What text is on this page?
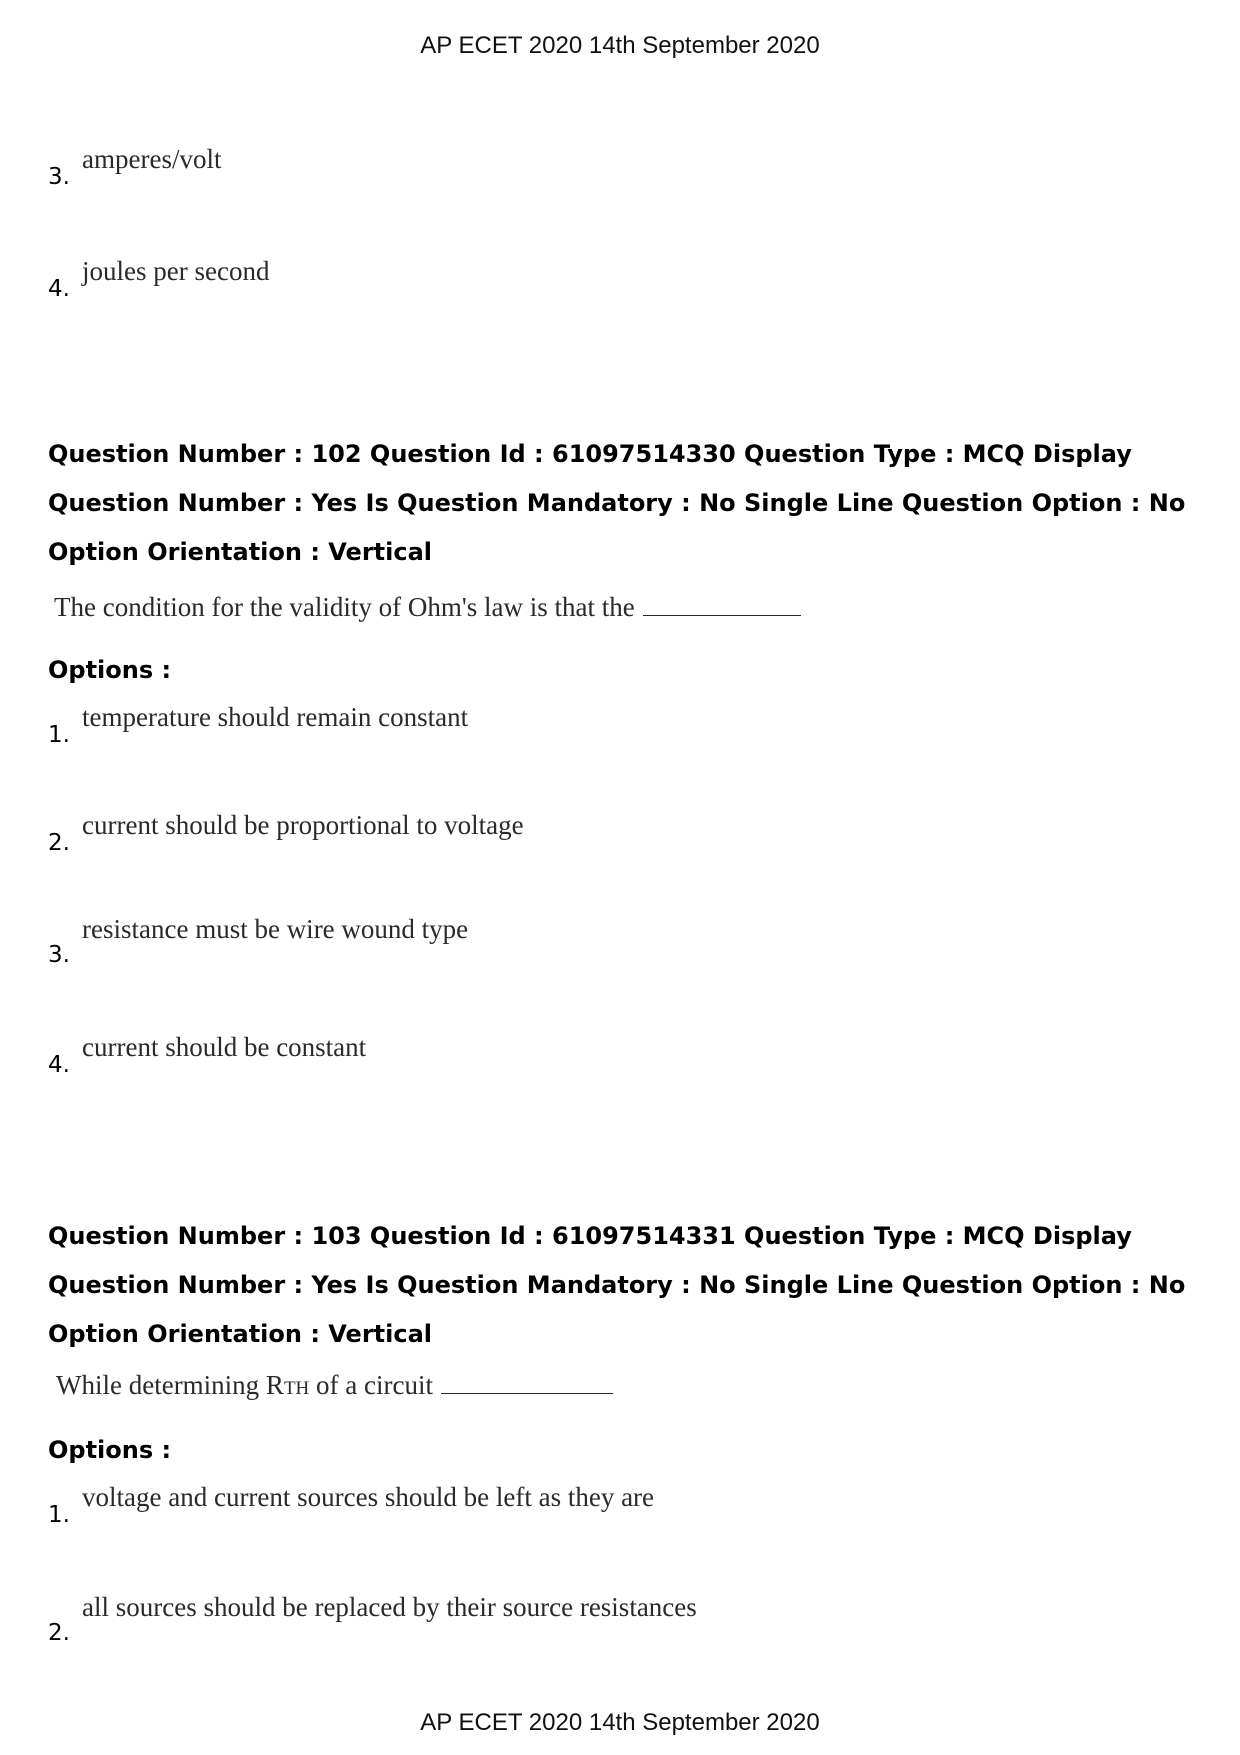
AP ECET 2020 14th September 2020
3.
amperes/volt
4.
joules per second
Question Number : 102 Question Id : 61097514330 Question Type : MCQ Display Question Number : Yes Is Question Mandatory : No Single Line Question Option : No Option Orientation : Vertical
The condition for the validity of Ohm's law is that the
Options :
1.
temperature should remain constant
2.
current should be proportional to voltage
3.
resistance must be wire wound type
4.
current should be constant
Question Number : 103 Question Id : 61097514331 Question Type : MCQ Display Question Number : Yes Is Question Mandatory : No Single Line Question Option : No Option Orientation : Vertical
While determining RTH of a circuit
Options :
1.
voltage and current sources should be left as they are
2.
all sources should be replaced by their source resistances
AP ECET 2020 14th September 2020
